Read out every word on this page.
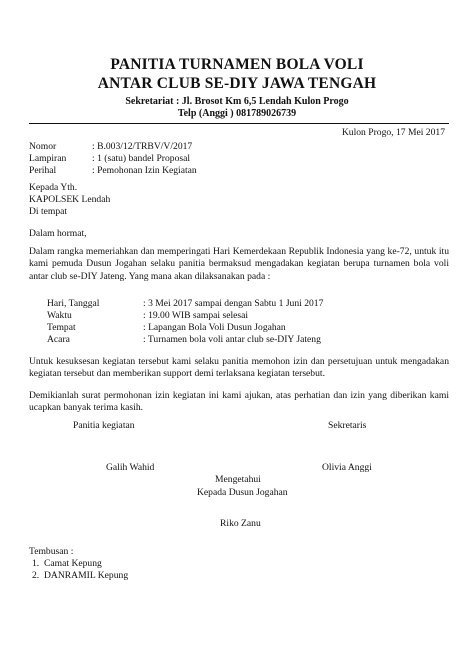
PANITIA TURNAMEN BOLA VOLI
ANTAR CLUB SE-DIY JAWA TENGAH
Sekretariat : Jl. Brosot Km 6,5 Lendah Kulon Progo
Telp (Anggi ) 081789026739
Kulon Progo, 17 Mei 2017
Nomor	: B.003/12/TRBV/V/2017
Lampiran	: 1 (satu) bandel Proposal
Perihal	: Pemohonan Izin Kegiatan
Kepada Yth.
KAPOLSEK Lendah
Di tempat
Dalam hormat,
Dalam rangka memeriahkan dan memperingati Hari Kemerdekaan Republik Indonesia yang ke-72, untuk itu kami pemuda Dusun Jogahan selaku panitia bermaksud mengadakan kegiatan berupa turnamen bola voli antar club se-DIY Jateng. Yang mana akan dilaksanakan pada :
Hari, Tanggal	: 3 Mei 2017 sampai dengan Sabtu 1 Juni 2017
Waktu	: 19.00 WIB sampai selesai
Tempat	: Lapangan Bola Voli Dusun Jogahan
Acara	: Turnamen bola voli antar club se-DIY Jateng
Untuk kesuksesan kegiatan tersebut kami selaku panitia memohon izin dan persetujuan untuk mengadakan kegiatan tersebut dan memberikan support demi terlaksana kegiatan tersebut.
Demikianlah surat permohonan izin kegiatan ini kami ajukan, atas perhatian dan izin yang diberikan kami ucapkan banyak terima kasih.
Panitia kegiatan	Sekretaris
Galih Wahid	Olivia Anggi
Mengetahui
Kepada Dusun Jogahan
Riko Zanu
Tembusan :
1.  Camat Kepung
2.  DANRAMIL Kepung
